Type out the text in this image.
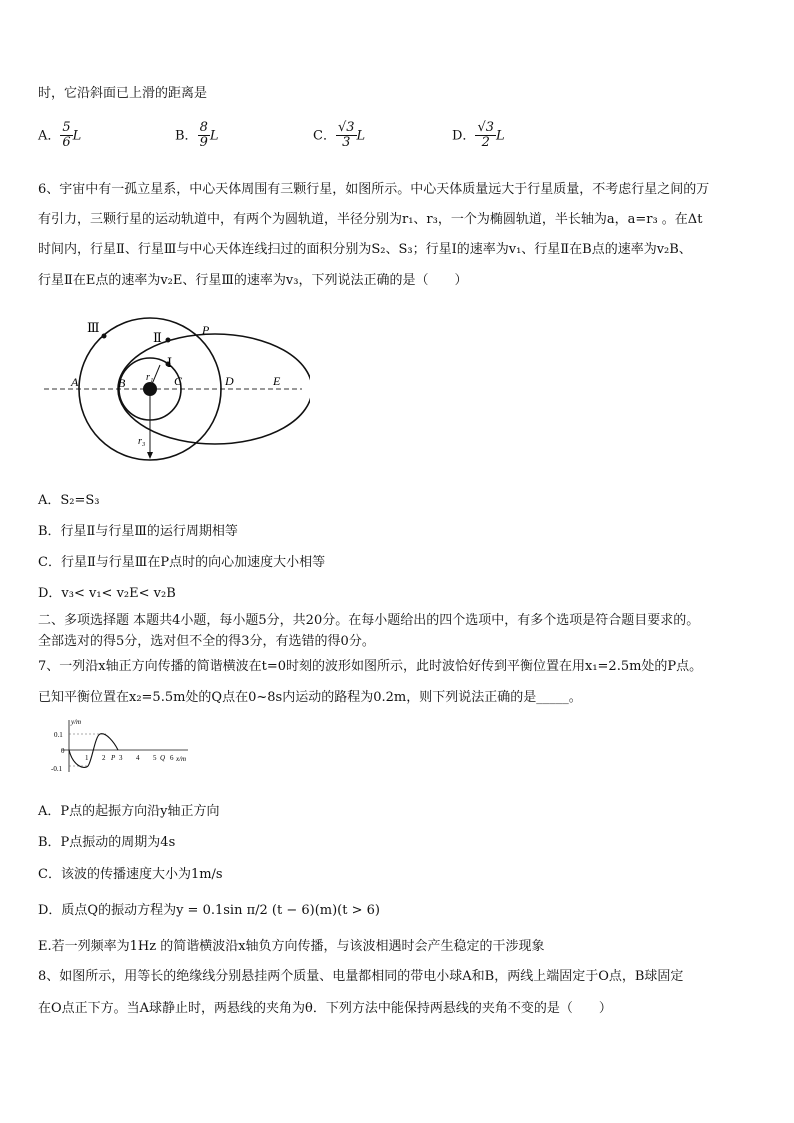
时，它沿斜面已上滑的距离是
A． $\frac{5}{6}$ L	B． $\frac{8}{9}$ L	C． $\frac{√3}{3}$ L	D． $\frac{√3}{2}$ L
6、宇宙中有一孤立星系，中心天体周围有三颗行星，如图所示。中心天体质量远大于行星质量，不考虑行星之间的万
有引力，三颗行星的运动轨道中，有两个为圆轨道，半径分别为r₁、r₃，一个为椭圆轨道，半长轴为a，a=r₃ 。在Δt
时间内，行星Ⅱ、行星Ⅲ与中心天体连线扫过的面积分别为S₂、S₃；行星Ⅰ的速率为v₁、行星Ⅱ在B点的速率为v₂B、
行星Ⅱ在E点的速率为v₂E、行星Ⅲ的速率为v₃，下列说法正确的是（　　）
Ⅲ
Ⅱ
Ⅰ
P
A	B	C	D	E
r₁
r₃
A．S₂=S₃
B．行星Ⅱ与行星Ⅲ的运行周期相等
C．行星Ⅱ与行星Ⅲ在P点时的向心加速度大小相等
D．v₃< v₁< v₂E< v₂B
二、多项选择题 本题共4小题，每小题5分，共20分。在每小题给出的四个选项中，有多个选项是符合题目要求的。
全部选对的得5分，选对但不全的得3分，有选错的得0分。
7、一列沿x轴正方向传播的简谐横波在t=0时刻的波形如图所示，此时波恰好传到平衡位置在用x₁=2.5m处的P点。
已知平衡位置在x₂=5.5m处的Q点在0~8s内运动的路程为0.2m，则下列说法正确的是_____。
y/m
x/m
0.1
0
-0.1
1 2 P 3 4 5 Q 6
A．P点的起振方向沿y轴正方向
B．P点振动的周期为4s
C．该波的传播速度大小为1m/s
D．质点Q的振动方程为y = 0.1sin π/2 (t − 6)(m)(t > 6)
E.若一列频率为1Hz 的简谐横波沿x轴负方向传播，与该波相遇时会产生稳定的干涉现象
8、如图所示，用等长的绝缘线分别悬挂两个质量、电量都相同的带电小球A和B，两线上端固定于O点，B球固定
在O点正下方。当A球静止时，两悬线的夹角为θ．下列方法中能保持两悬线的夹角不变的是（　　）
